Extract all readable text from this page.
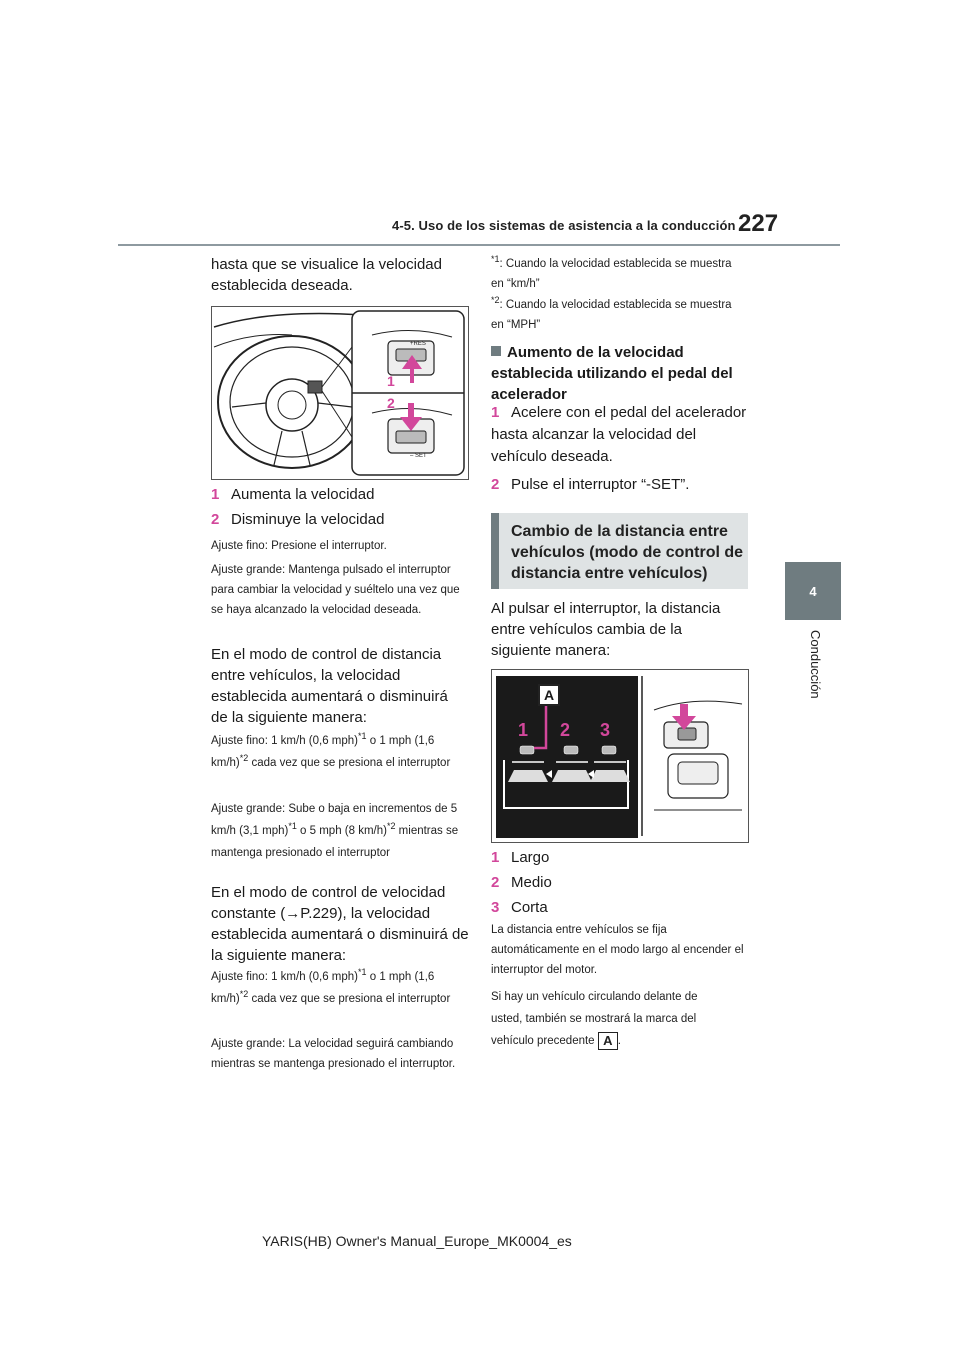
4-5. Uso de los sistemas de asistencia a la conducción 227
4
Conducción
hasta que se visualice la velocidad establecida deseada.
+RES
– SET
1
2
1 Aumenta la velocidad
2 Disminuye la velocidad
Ajuste fino: Presione el interruptor.
Ajuste grande: Mantenga pulsado el interruptor para cambiar la velocidad y suéltelo una vez que se haya alcanzado la velocidad deseada.
En el modo de control de distancia entre vehículos, la velocidad establecida aumentará o disminuirá de la siguiente manera:
Ajuste fino: 1 km/h (0,6 mph)$^{*1}$ o 1 mph (1,6 km/h)$^{*2}$ cada vez que se presiona el interruptor
Ajuste grande: Sube o baja en incrementos de 5 km/h (3,1 mph)$^{*1}$ o 5 mph (8 km/h)$^{*2}$ mientras se mantenga presionado el interruptor
En el modo de control de velocidad constante (→P.229), la velocidad establecida aumentará o disminuirá de la siguiente manera:
Ajuste fino: 1 km/h (0,6 mph)$^{*1}$ o 1 mph (1,6 km/h)$^{*2}$ cada vez que se presiona el interruptor
Ajuste grande: La velocidad seguirá cambiando mientras se mantenga presionado el interruptor.
$^{*1}$: Cuando la velocidad establecida se muestra en “km/h”
$^{*2}$: Cuando la velocidad establecida se muestra en “MPH”
Aumento de la velocidad establecida utilizando el pedal del acelerador
1 Acelere con el pedal del acelerador hasta alcanzar la velocidad del vehículo deseada.
2 Pulse el interruptor “-SET”.
Cambio de la distancia entre vehículos (modo de control de distancia entre vehículos)
Al pulsar el interruptor, la distancia entre vehículos cambia de la siguiente manera:
A
1 2 3
1 Largo
2 Medio
3 Corta
La distancia entre vehículos se fija automáticamente en el modo largo al encender el interruptor del motor.
Si hay un vehículo circulando delante de usted, también se mostrará la marca del vehículo precedente A .
YARIS(HB) Owner's Manual_Europe_MK0004_es
